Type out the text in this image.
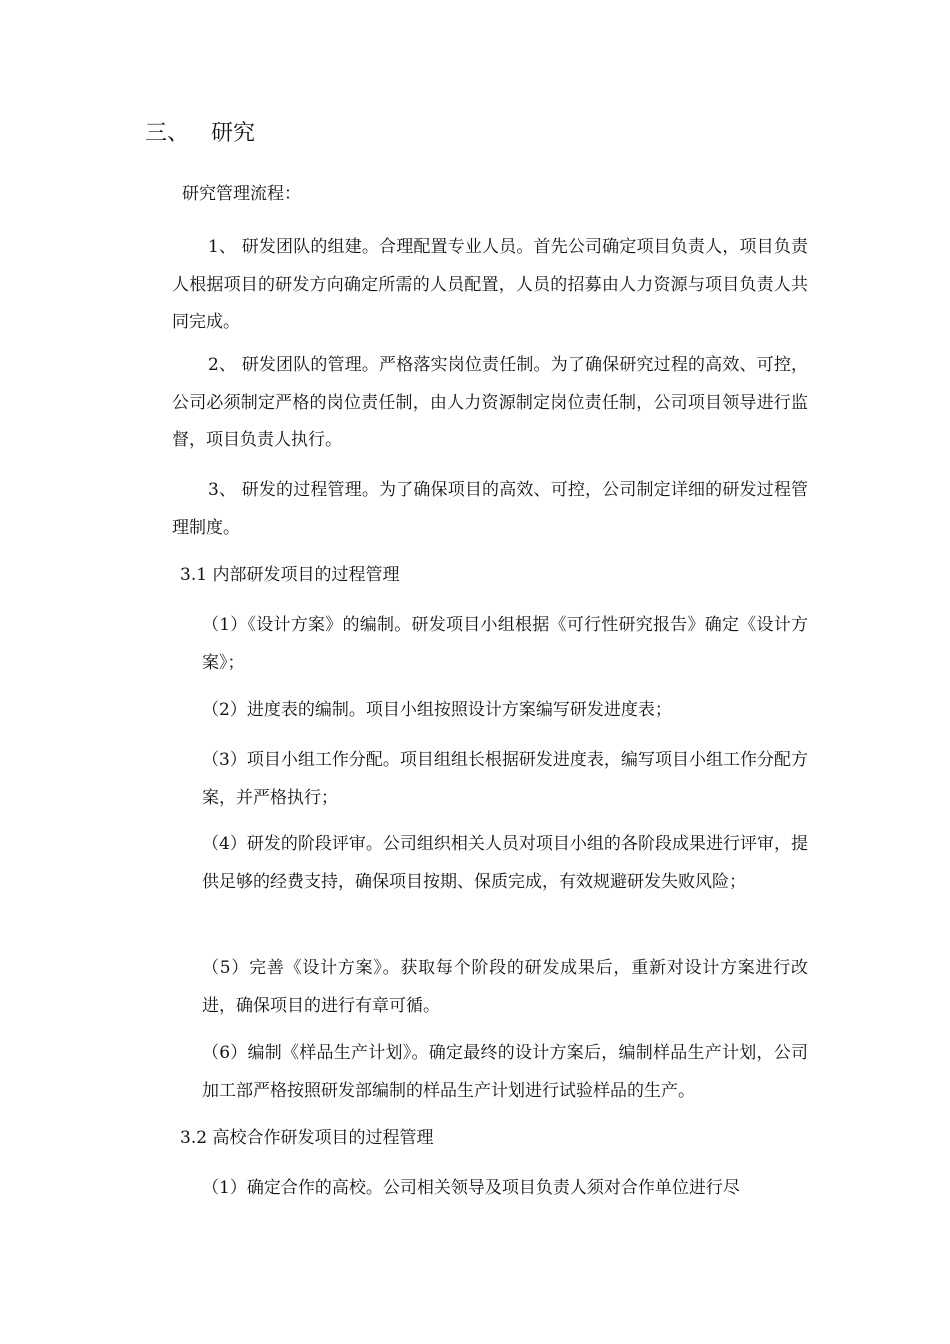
三、 研究

研究管理流程：

1、 研发团队的组建。合理配置专业人员。首先公司确定项目负责人，项目负责人根据项目的研发方向确定所需的人员配置，人员的招募由人力资源与项目负责人共同完成。

2、 研发团队的管理。严格落实岗位责任制。为了确保研究过程的高效、可控，公司必须制定严格的岗位责任制，由人力资源制定岗位责任制，公司项目领导进行监督，项目负责人执行。

3、 研发的过程管理。为了确保项目的高效、可控，公司制定详细的研发过程管理制度。

3.1 内部研发项目的过程管理

（1）《设计方案》的编制。研发项目小组根据《可行性研究报告》确定《设计方案》；

（2）进度表的编制。项目小组按照设计方案编写研发进度表；

（3）项目小组工作分配。项目组组长根据研发进度表，编写项目小组工作分配方案，并严格执行；

（4）研发的阶段评审。公司组织相关人员对项目小组的各阶段成果进行评审，提供足够的经费支持，确保项目按期、保质完成，有效规避研发失败风险；

（5）完善《设计方案》。获取每个阶段的研发成果后，重新对设计方案进行改进，确保项目的进行有章可循。

（6）编制《样品生产计划》。确定最终的设计方案后，编制样品生产计划，公司加工部严格按照研发部编制的样品生产计划进行试验样品的生产。

3.2 高校合作研发项目的过程管理

（1）确定合作的高校。公司相关领导及项目负责人须对合作单位进行尽
